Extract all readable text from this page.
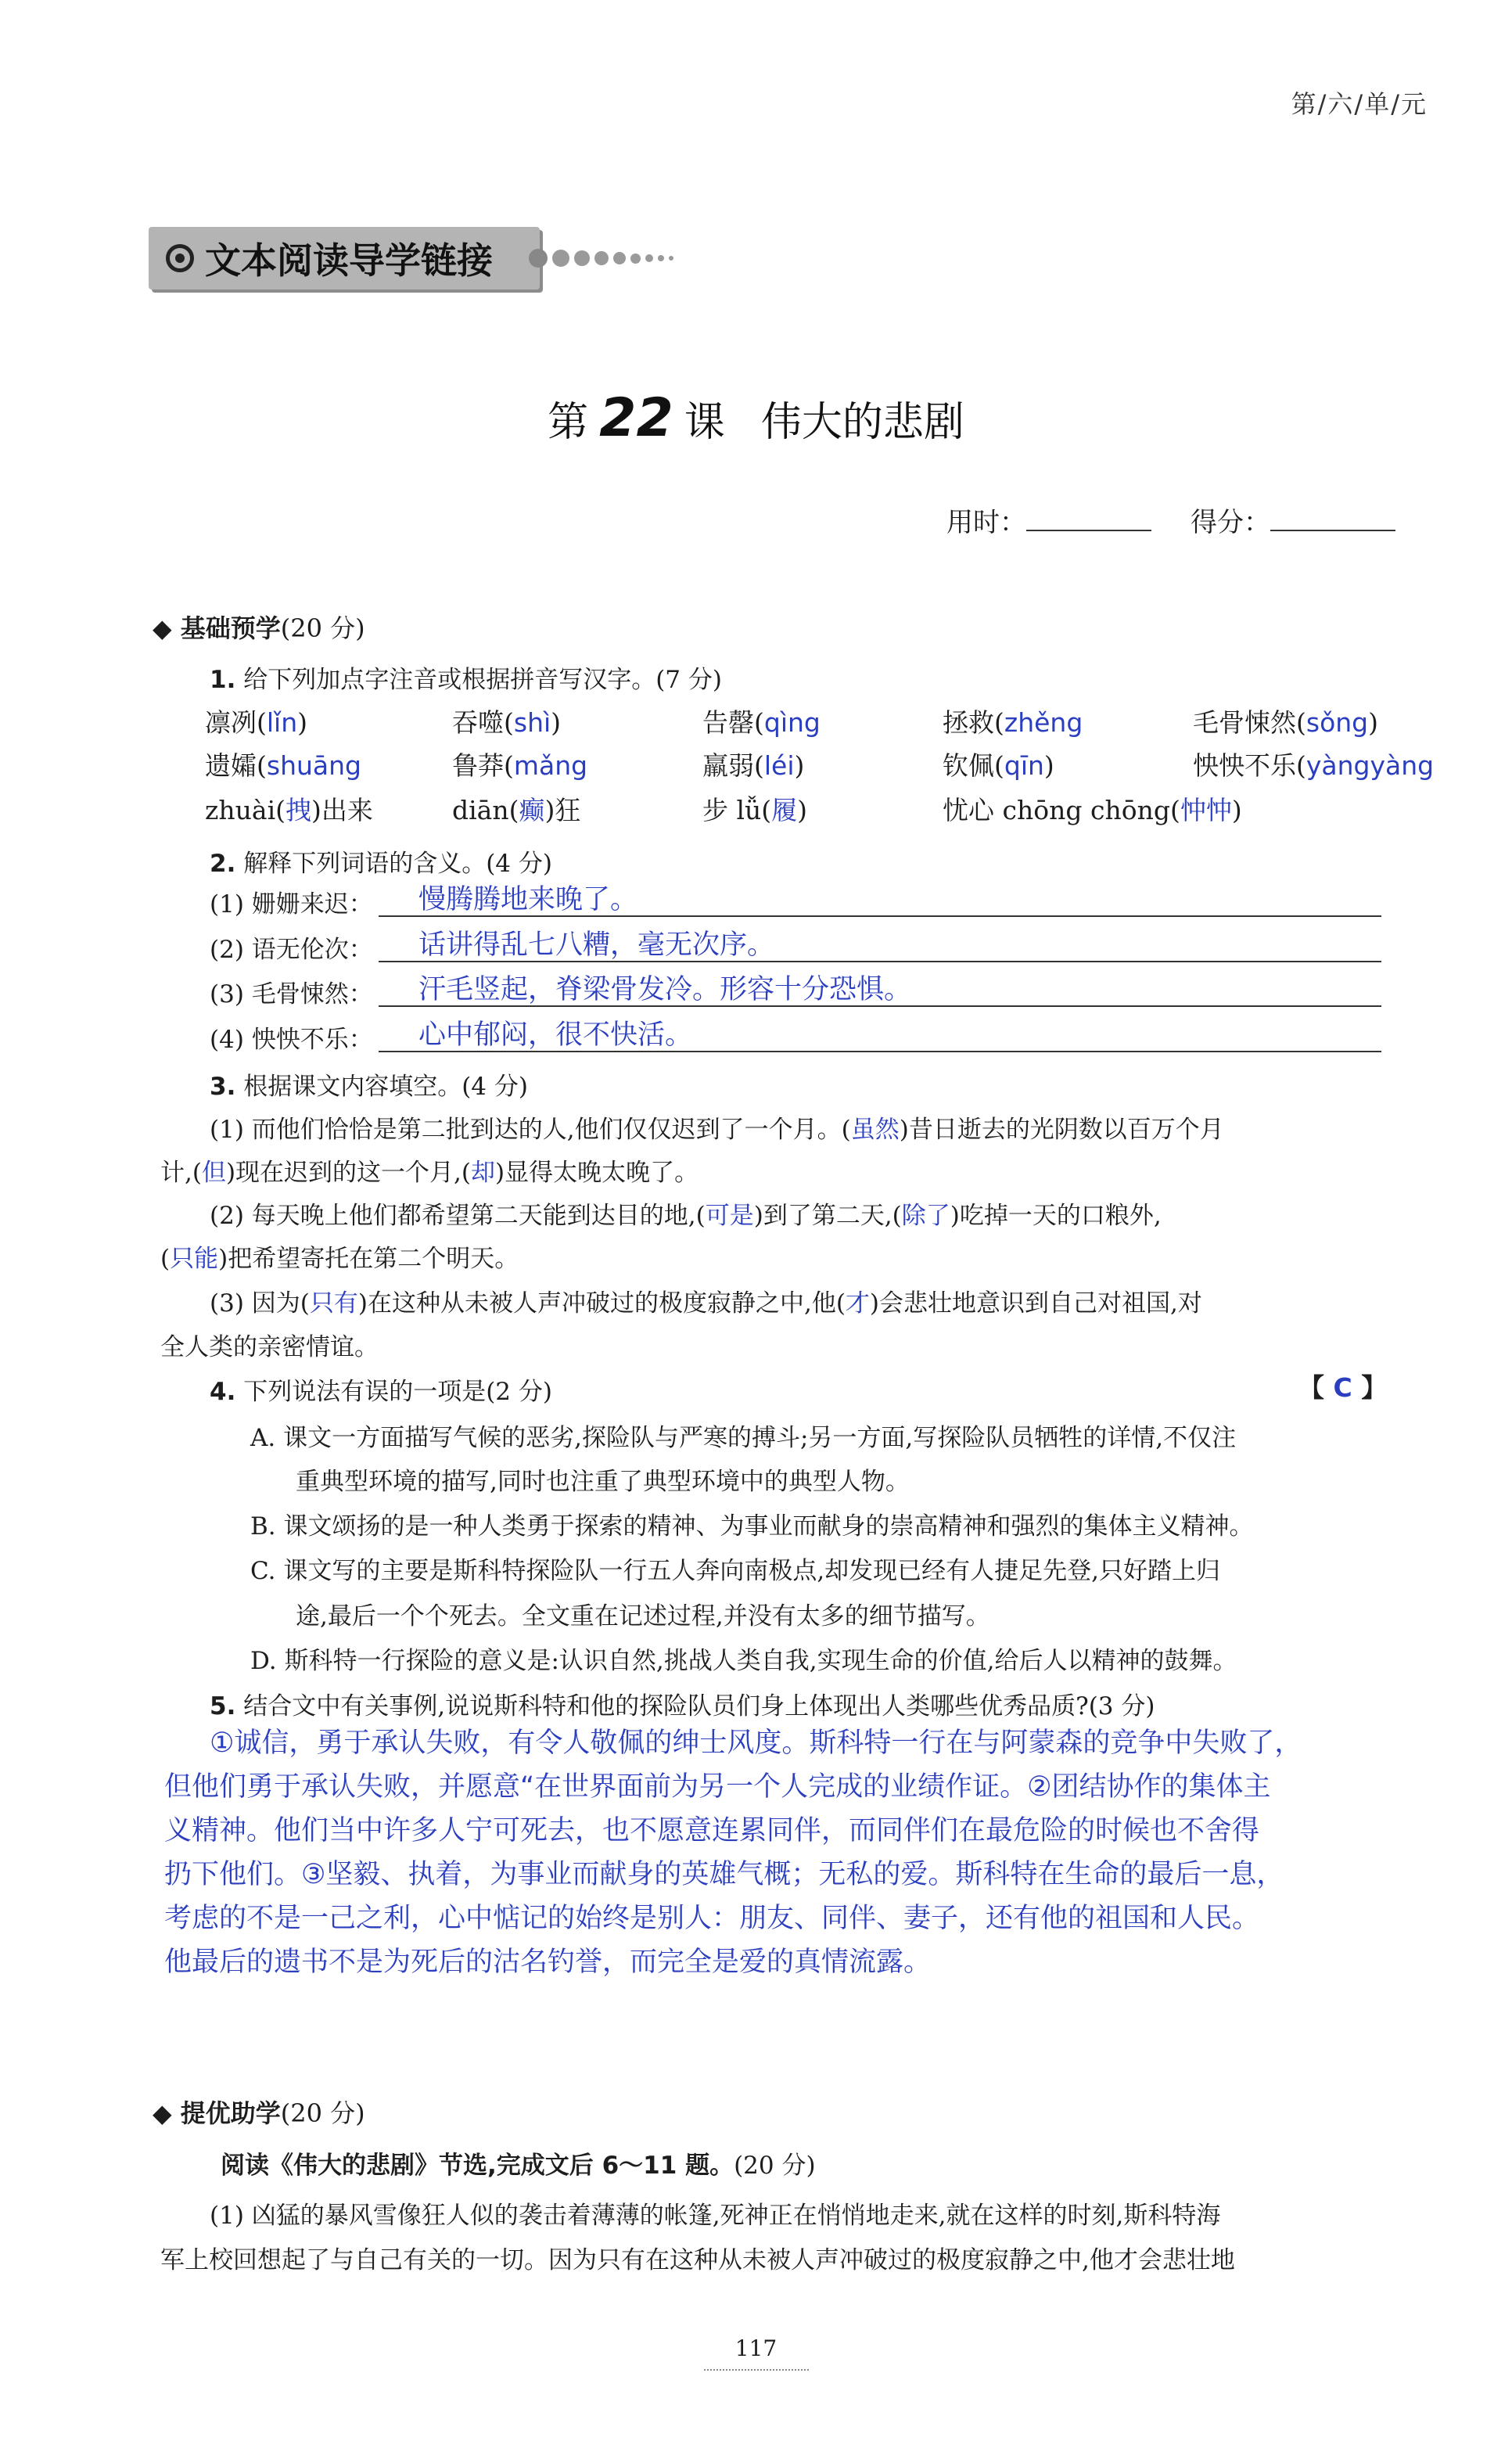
第/六/单/元
文本阅读导学链接
第 22 课 伟大的悲剧
用时：	得分：
◆ 基础预学(20 分)
1. 给下列加点字注音或根据拼音写汉字。(7 分)
凛冽(lǐn)	吞噬(shì)	告罄(qìng	拯救(zhěng	毛骨悚然(sǒng)
遗孀(shuāng	鲁莽(mǎng	羸弱(léi)	钦佩(qīn)	怏怏不乐(yàngyàng
zhuài(拽)出来	diān(癫)狂	步 lǚ(履)	忧心 chōng chōng(忡忡)
2. 解释下列词语的含义。(4 分)
(1) 姗姗来迟： 慢腾腾地来晚了。
(2) 语无伦次： 话讲得乱七八糟，毫无次序。
(3) 毛骨悚然： 汗毛竖起，脊梁骨发冷。形容十分恐惧。
(4) 怏怏不乐： 心中郁闷，很不快活。
3. 根据课文内容填空。(4 分)
(1) 而他们恰恰是第二批到达的人,他们仅仅迟到了一个月。(虽然)昔日逝去的光阴数以百万个月
计,(但)现在迟到的这一个月,(却)显得太晚太晚了。
(2) 每天晚上他们都希望第二天能到达目的地,(可是)到了第二天,(除了)吃掉一天的口粮外,
(只能)把希望寄托在第二个明天。
(3) 因为(只有)在这种从未被人声冲破过的极度寂静之中,他(才)会悲壮地意识到自己对祖国,对
全人类的亲密情谊。
4. 下列说法有误的一项是(2 分)	【 C 】
A. 课文一方面描写气候的恶劣,探险队与严寒的搏斗;另一方面,写探险队员牺牲的详情,不仅注
重典型环境的描写,同时也注重了典型环境中的典型人物。
B. 课文颂扬的是一种人类勇于探索的精神、为事业而献身的崇高精神和强烈的集体主义精神。
C. 课文写的主要是斯科特探险队一行五人奔向南极点,却发现已经有人捷足先登,只好踏上归
途,最后一个个死去。全文重在记述过程,并没有太多的细节描写。
D. 斯科特一行探险的意义是:认识自然,挑战人类自我,实现生命的价值,给后人以精神的鼓舞。
5. 结合文中有关事例,说说斯科特和他的探险队员们身上体现出人类哪些优秀品质?(3 分)
①诚信，勇于承认失败，有令人敬佩的绅士风度。斯科特一行在与阿蒙森的竞争中失败了，
但他们勇于承认失败，并愿意“在世界面前为另一个人完成的业绩作证。②团结协作的集体主
义精神。他们当中许多人宁可死去，也不愿意连累同伴，而同伴们在最危险的时候也不舍得
扔下他们。③坚毅、执着，为事业而献身的英雄气概；无私的爱。斯科特在生命的最后一息，
考虑的不是一己之利，心中惦记的始终是别人：朋友、同伴、妻子，还有他的祖国和人民。
他最后的遗书不是为死后的沽名钓誉，而完全是爱的真情流露。
◆ 提优助学(20 分)
阅读《伟大的悲剧》节选,完成文后 6～11 题。(20 分)
(1) 凶猛的暴风雪像狂人似的袭击着薄薄的帐篷,死神正在悄悄地走来,就在这样的时刻,斯科特海
军上校回想起了与自己有关的一切。因为只有在这种从未被人声冲破过的极度寂静之中,他才会悲壮地
117
